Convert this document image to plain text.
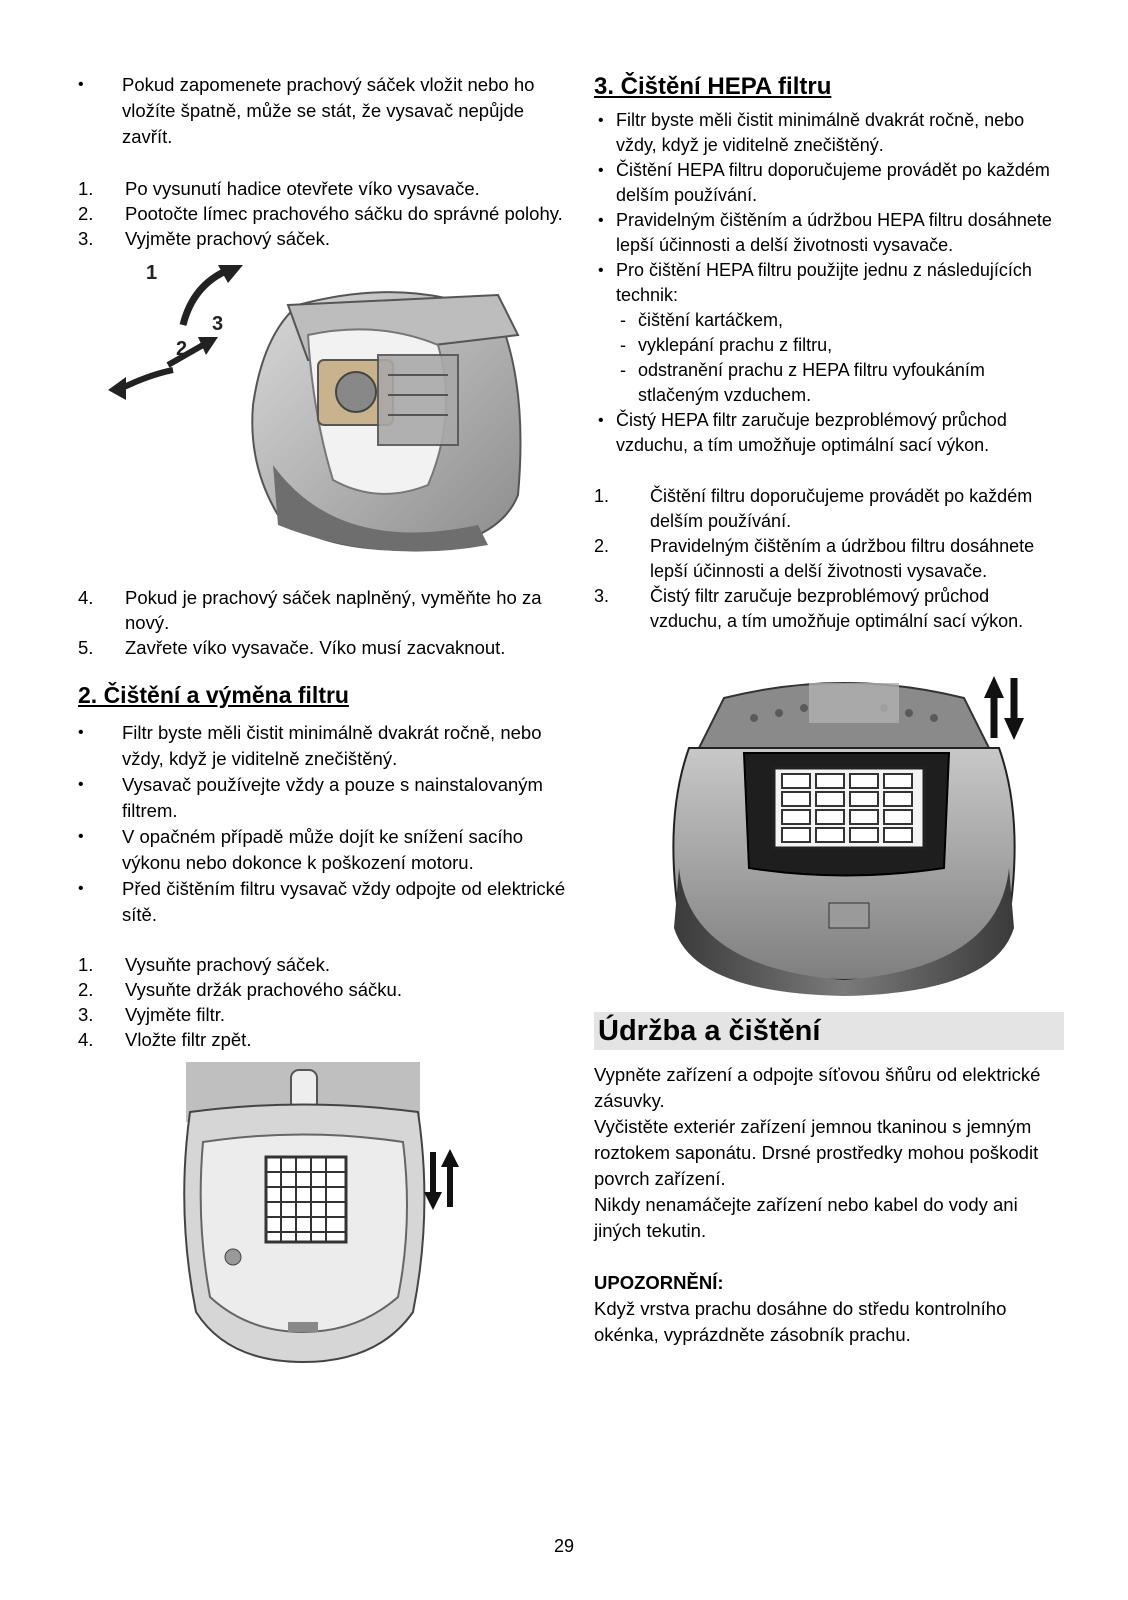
• Pokud zapomenete prachový sáček vložit nebo ho vložíte špatně, může se stát, že vysavač nepůjde zavřít.
1. Po vysunutí hadice otevřete víko vysavače.
2. Pootočte límec prachového sáčku do správné polohy.
3. Vyjměte prachový sáček.
1
2
3
4. Pokud je prachový sáček naplněný, vyměňte ho za nový.
5. Zavřete víko vysavače. Víko musí zacvaknout.
2. Čištění a výměna filtru
• Filtr byste měli čistit minimálně dvakrát ročně, nebo vždy, když je viditelně znečištěný.
• Vysavač používejte vždy a pouze s nainstalovaným filtrem.
• V opačném případě může dojít ke snížení sacího výkonu nebo dokonce k poškození motoru.
• Před čištěním filtru vysavač vždy odpojte od elektrické sítě.
1. Vysuňte prachový sáček.
2. Vysuňte držák prachového sáčku.
3. Vyjměte filtr.
4. Vložte filtr zpět.
3. Čištění HEPA filtru
• Filtr byste měli čistit minimálně dvakrát ročně, nebo vždy, když je viditelně znečištěný.
• Čištění HEPA filtru doporučujeme provádět po každém delším používání.
• Pravidelným čištěním a údržbou HEPA filtru dosáhnete lepší účinnosti a delší životnosti vysavače.
• Pro čištění HEPA filtru použijte jednu z následujících technik:
- čištění kartáčkem,
- vyklepání prachu z filtru,
- odstranění prachu z HEPA filtru vyfoukáním stlačeným vzduchem.
• Čistý HEPA filtr zaručuje bezproblémový průchod vzduchu, a tím umožňuje optimální sací výkon.
1. Čištění filtru doporučujeme provádět po každém delším používání.
2. Pravidelným čištěním a údržbou filtru dosáhnete lepší účinnosti a delší životnosti vysavače.
3. Čistý filtr zaručuje bezproblémový průchod vzduchu, a tím umožňuje optimální sací výkon.
Údržba a čištění
Vypněte zařízení a odpojte síťovou šňůru od elektrické zásuvky.
Vyčistěte exteriér zařízení jemnou tkaninou s jemným roztokem saponátu. Drsné prostředky mohou poškodit povrch zařízení.
Nikdy nenamáčejte zařízení nebo kabel do vody ani jiných tekutin.
UPOZORNĚNÍ:
Když vrstva prachu dosáhne do středu kontrolního okénka, vyprázdněte zásobník prachu.
29
